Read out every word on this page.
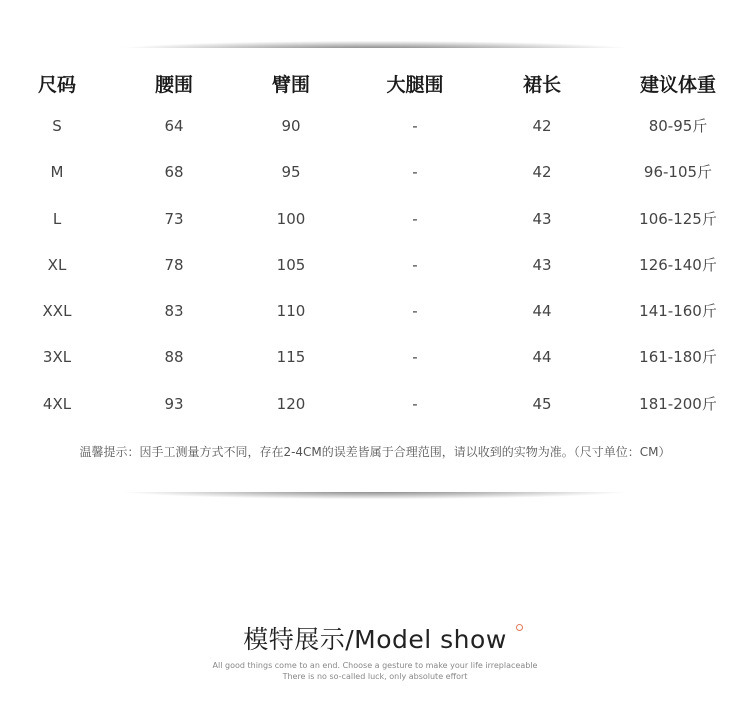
尺码	腰围	臂围	大腿围	裙长	建议体重
S	64	90	-	42	80-95斤
M	68	95	-	42	96-105斤
L	73	100	-	43	106-125斤
XL	78	105	-	43	126-140斤
XXL	83	110	-	44	141-160斤
3XL	88	115	-	44	161-180斤
4XL	93	120	-	45	181-200斤
温馨提示：因手工测量方式不同，存在2-4CM的误差皆属于合理范围，请以收到的实物为准。（尺寸单位：CM）
模特展示/Model show
All good things come to an end. Choose a gesture to make your life irreplaceable
There is no so-called luck, only absolute effort
